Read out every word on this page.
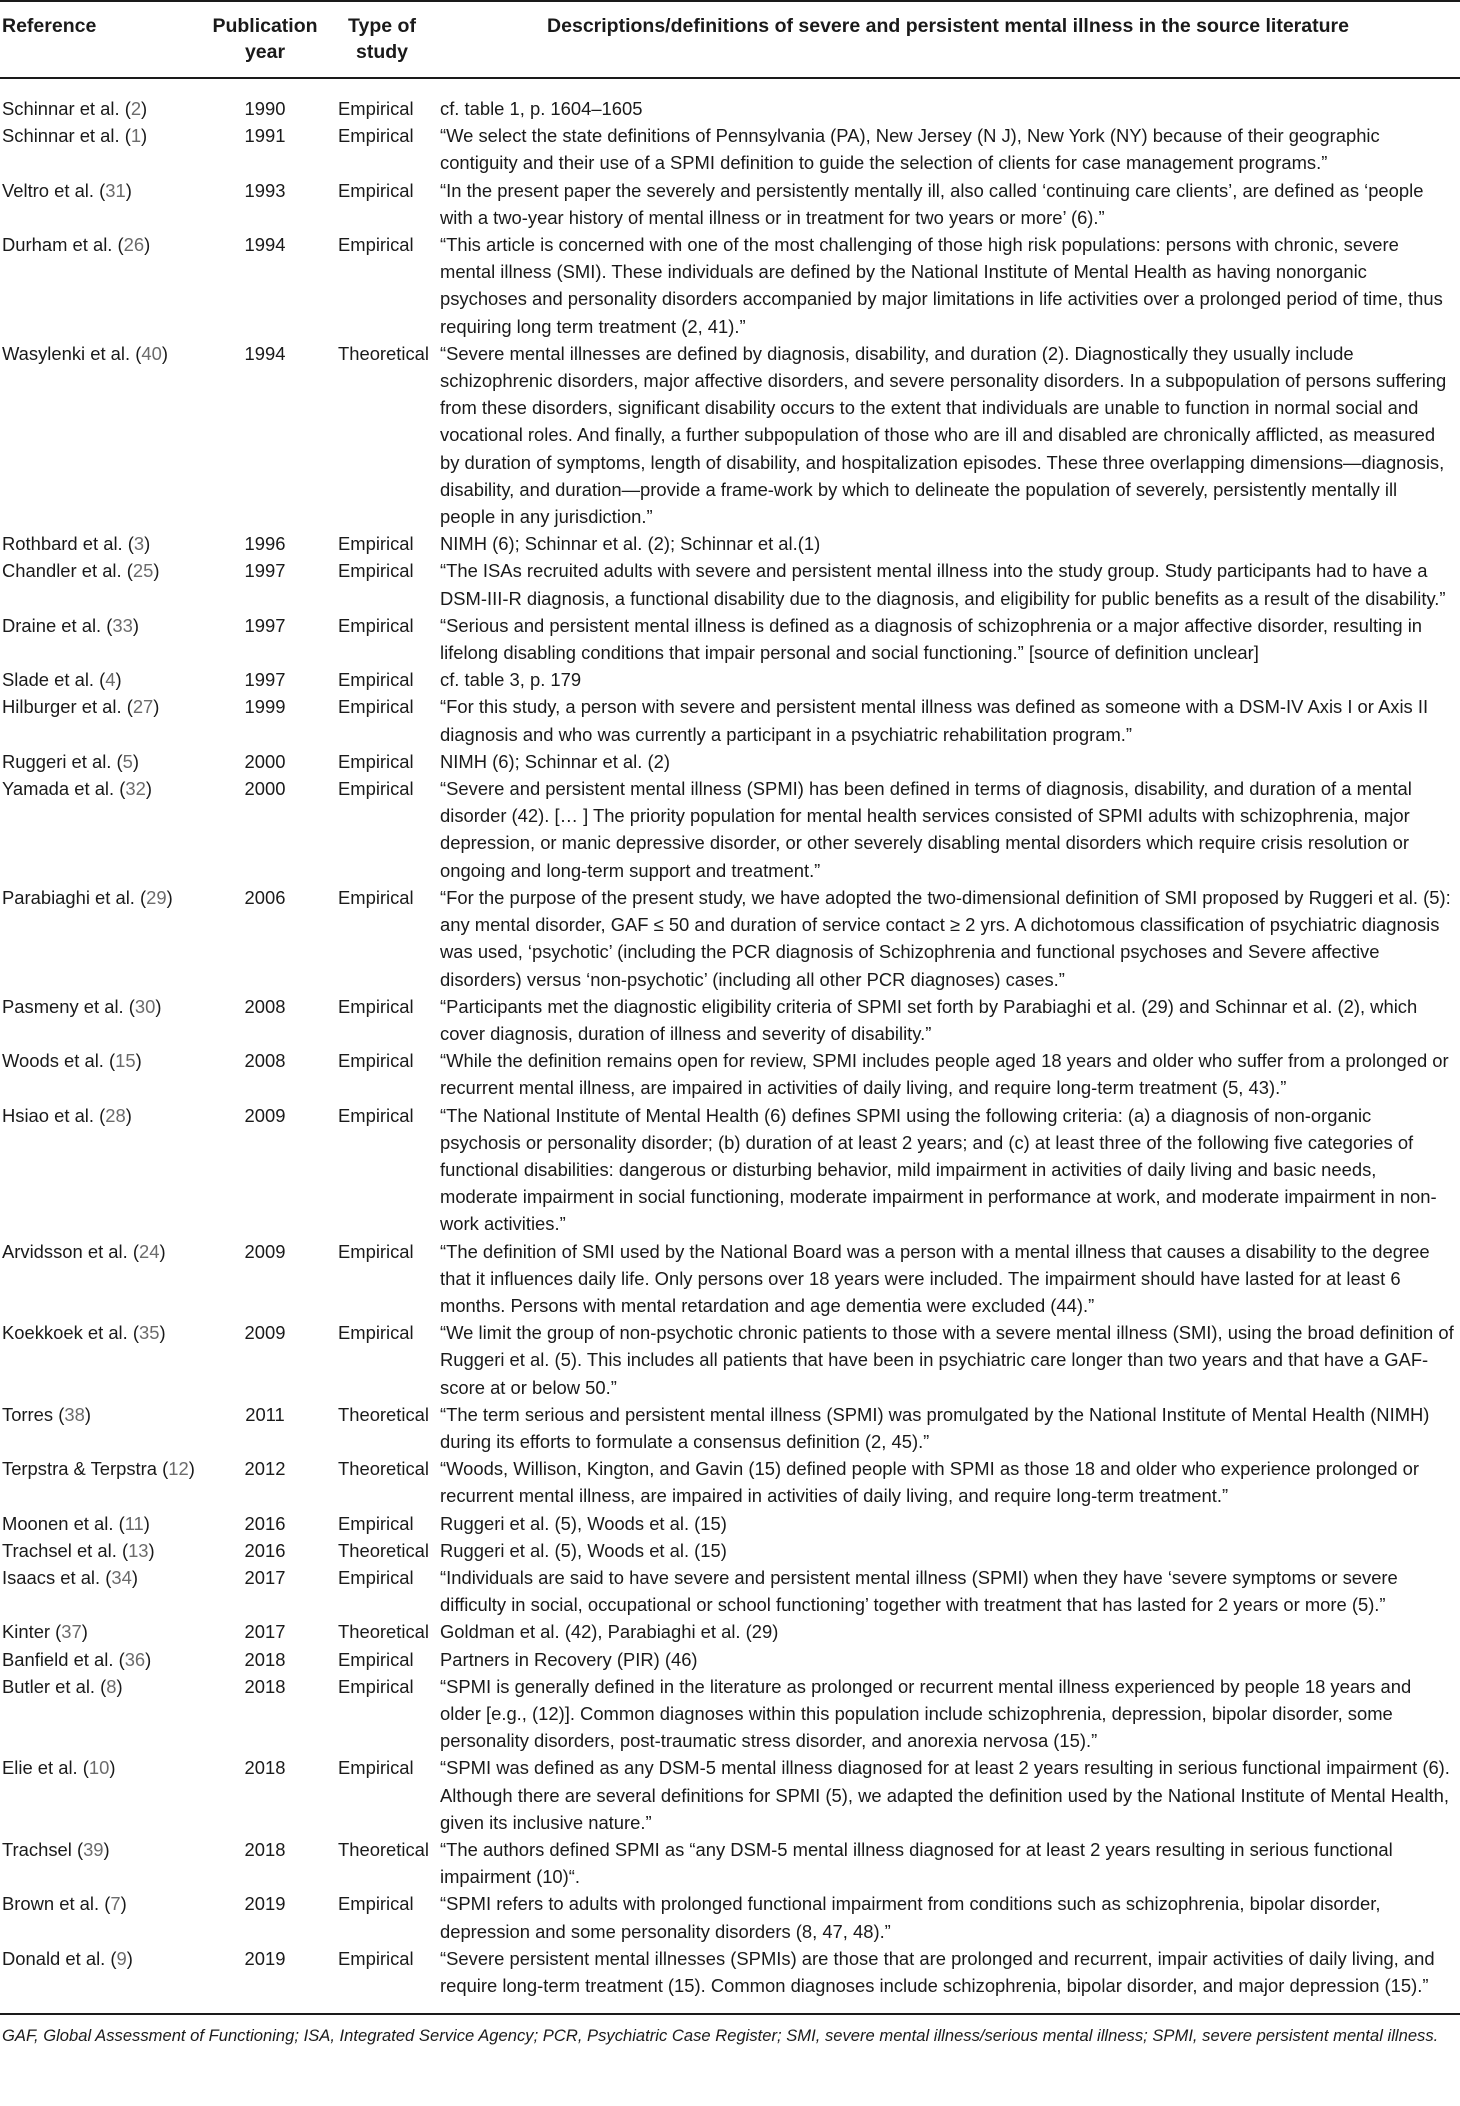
Reference	Publication year	Type of study	Descriptions/definitions of severe and persistent mental illness in the source literature
Schinnar et al. (2)	1990	Empirical	cf. table 1, p. 1604–1605
Schinnar et al. (1)	1991	Empirical	“We select the state definitions of Pennsylvania (PA), New Jersey (N J), New York (NY) because of their geographic contiguity and their use of a SPMI definition to guide the selection of clients for case management programs.”
Veltro et al. (31)	1993	Empirical	“In the present paper the severely and persistently mentally ill, also called ‘continuing care clients’, are defined as ‘people with a two-year history of mental illness or in treatment for two years or more’ (6).”
Durham et al. (26)	1994	Empirical	“This article is concerned with one of the most challenging of those high risk populations: persons with chronic, severe mental illness (SMI). These individuals are defined by the National Institute of Mental Health as having nonorganic psychoses and personality disorders accompanied by major limitations in life activities over a prolonged period of time, thus requiring long term treatment (2, 41).”
Wasylenki et al. (40)	1994	Theoretical	“Severe mental illnesses are defined by diagnosis, disability, and duration (2). Diagnostically they usually include schizophrenic disorders, major affective disorders, and severe personality disorders. In a subpopulation of persons suffering from these disorders, significant disability occurs to the extent that individuals are unable to function in normal social and vocational roles. And finally, a further subpopulation of those who are ill and disabled are chronically afflicted, as measured by duration of symptoms, length of disability, and hospitalization episodes. These three overlapping dimensions—diagnosis, disability, and duration—provide a frame-work by which to delineate the population of severely, persistently mentally ill people in any jurisdiction.”
Rothbard et al. (3)	1996	Empirical	NIMH (6); Schinnar et al. (2); Schinnar et al.(1)
Chandler et al. (25)	1997	Empirical	“The ISAs recruited adults with severe and persistent mental illness into the study group. Study participants had to have a DSM-III-R diagnosis, a functional disability due to the diagnosis, and eligibility for public benefits as a result of the disability.”
Draine et al. (33)	1997	Empirical	“Serious and persistent mental illness is defined as a diagnosis of schizophrenia or a major affective disorder, resulting in lifelong disabling conditions that impair personal and social functioning.” [source of definition unclear]
Slade et al. (4)	1997	Empirical	cf. table 3, p. 179
Hilburger et al. (27)	1999	Empirical	“For this study, a person with severe and persistent mental illness was defined as someone with a DSM-IV Axis I or Axis II diagnosis and who was currently a participant in a psychiatric rehabilitation program.”
Ruggeri et al. (5)	2000	Empirical	NIMH (6); Schinnar et al. (2)
Yamada et al. (32)	2000	Empirical	“Severe and persistent mental illness (SPMI) has been defined in terms of diagnosis, disability, and duration of a mental disorder (42). [… ] The priority population for mental health services consisted of SPMI adults with schizophrenia, major depression, or manic depressive disorder, or other severely disabling mental disorders which require crisis resolution or ongoing and long-term support and treatment.”
Parabiaghi et al. (29)	2006	Empirical	“For the purpose of the present study, we have adopted the two-dimensional definition of SMI proposed by Ruggeri et al. (5): any mental disorder, GAF ≤ 50 and duration of service contact ≥ 2 yrs. A dichotomous classification of psychiatric diagnosis was used, ‘psychotic’ (including the PCR diagnosis of Schizophrenia and functional psychoses and Severe affective disorders) versus ‘non-psychotic’ (including all other PCR diagnoses) cases.”
Pasmeny et al. (30)	2008	Empirical	“Participants met the diagnostic eligibility criteria of SPMI set forth by Parabiaghi et al. (29) and Schinnar et al. (2), which cover diagnosis, duration of illness and severity of disability.”
Woods et al. (15)	2008	Empirical	“While the definition remains open for review, SPMI includes people aged 18 years and older who suffer from a prolonged or recurrent mental illness, are impaired in activities of daily living, and require long-term treatment (5, 43).”
Hsiao et al. (28)	2009	Empirical	“The National Institute of Mental Health (6) defines SPMI using the following criteria: (a) a diagnosis of non-organic psychosis or personality disorder; (b) duration of at least 2 years; and (c) at least three of the following five categories of functional disabilities: dangerous or disturbing behavior, mild impairment in activities of daily living and basic needs, moderate impairment in social functioning, moderate impairment in performance at work, and moderate impairment in non-work activities.”
Arvidsson et al. (24)	2009	Empirical	“The definition of SMI used by the National Board was a person with a mental illness that causes a disability to the degree that it influences daily life. Only persons over 18 years were included. The impairment should have lasted for at least 6 months. Persons with mental retardation and age dementia were excluded (44).”
Koekkoek et al. (35)	2009	Empirical	“We limit the group of non-psychotic chronic patients to those with a severe mental illness (SMI), using the broad definition of Ruggeri et al. (5). This includes all patients that have been in psychiatric care longer than two years and that have a GAF-score at or below 50.”
Torres (38)	2011	Theoretical	“The term serious and persistent mental illness (SPMI) was promulgated by the National Institute of Mental Health (NIMH) during its efforts to formulate a consensus definition (2, 45).”
Terpstra & Terpstra (12)	2012	Theoretical	“Woods, Willison, Kington, and Gavin (15) defined people with SPMI as those 18 and older who experience prolonged or recurrent mental illness, are impaired in activities of daily living, and require long-term treatment.”
Moonen et al. (11)	2016	Empirical	Ruggeri et al. (5), Woods et al. (15)
Trachsel et al. (13)	2016	Theoretical	Ruggeri et al. (5), Woods et al. (15)
Isaacs et al. (34)	2017	Empirical	“Individuals are said to have severe and persistent mental illness (SPMI) when they have ‘severe symptoms or severe difficulty in social, occupational or school functioning’ together with treatment that has lasted for 2 years or more (5).”
Kinter (37)	2017	Theoretical	Goldman et al. (42), Parabiaghi et al. (29)
Banfield et al. (36)	2018	Empirical	Partners in Recovery (PIR) (46)
Butler et al. (8)	2018	Empirical	“SPMI is generally defined in the literature as prolonged or recurrent mental illness experienced by people 18 years and older [e.g., (12)]. Common diagnoses within this population include schizophrenia, depression, bipolar disorder, some personality disorders, post-traumatic stress disorder, and anorexia nervosa (15).”
Elie et al. (10)	2018	Empirical	“SPMI was defined as any DSM-5 mental illness diagnosed for at least 2 years resulting in serious functional impairment (6). Although there are several definitions for SPMI (5), we adapted the definition used by the National Institute of Mental Health, given its inclusive nature.”
Trachsel (39)	2018	Theoretical	“The authors defined SPMI as “any DSM-5 mental illness diagnosed for at least 2 years resulting in serious functional impairment (10)“.
Brown et al. (7)	2019	Empirical	“SPMI refers to adults with prolonged functional impairment from conditions such as schizophrenia, bipolar disorder, depression and some personality disorders (8, 47, 48).”
Donald et al. (9)	2019	Empirical	“Severe persistent mental illnesses (SPMIs) are those that are prolonged and recurrent, impair activities of daily living, and require long-term treatment (15). Common diagnoses include schizophrenia, bipolar disorder, and major depression (15).”
GAF, Global Assessment of Functioning; ISA, Integrated Service Agency; PCR, Psychiatric Case Register; SMI, severe mental illness/serious mental illness; SPMI, severe persistent mental illness.			
